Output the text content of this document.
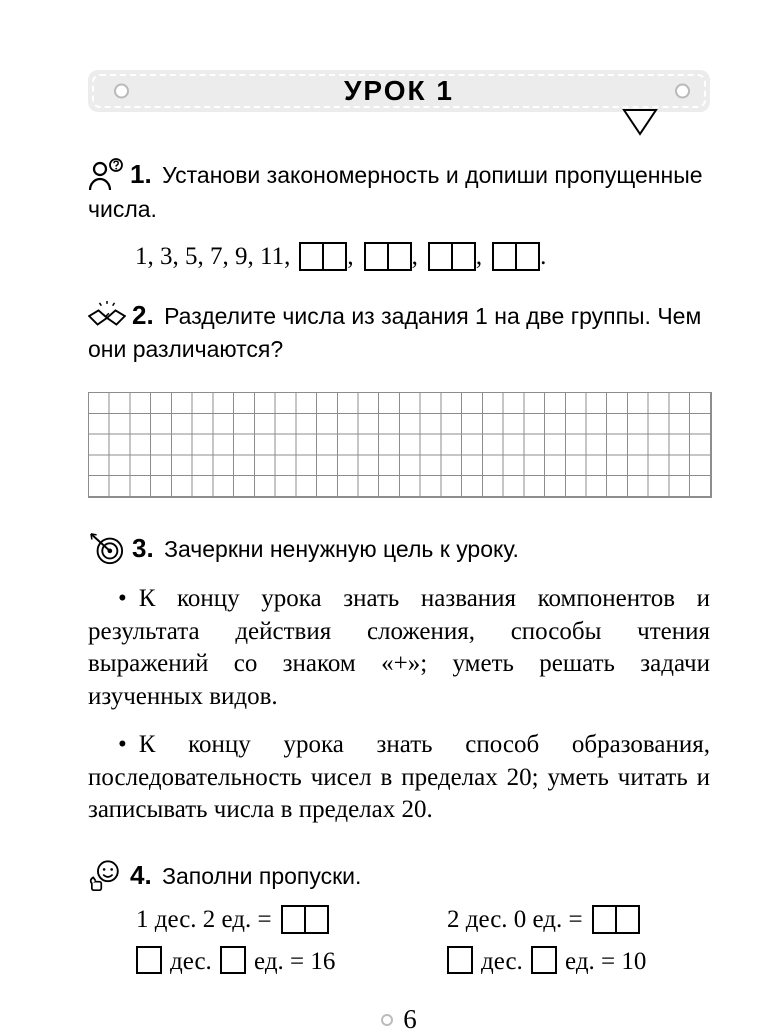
УРОК 1

1. Установи закономерность и допиши пропущенные числа.

1, 3, 5, 7, 9, 11, , , , .

2. Разделите числа из задания 1 на две группы. Чем они различаются?

3. Зачеркни ненужную цель к уроку.

• К концу урока знать названия компонентов и результата действия сложения, способы чтения выражений со знаком «+»; уметь решать задачи изученных видов.

• К концу урока знать способ образования, последовательность чисел в пределах 20; уметь читать и записывать числа в пределах 20.

4. Заполни пропуски.

1 дес. 2 ед. =	2 дес. 0 ед. =
дес. ед. = 16	дес. ед. = 10
6
